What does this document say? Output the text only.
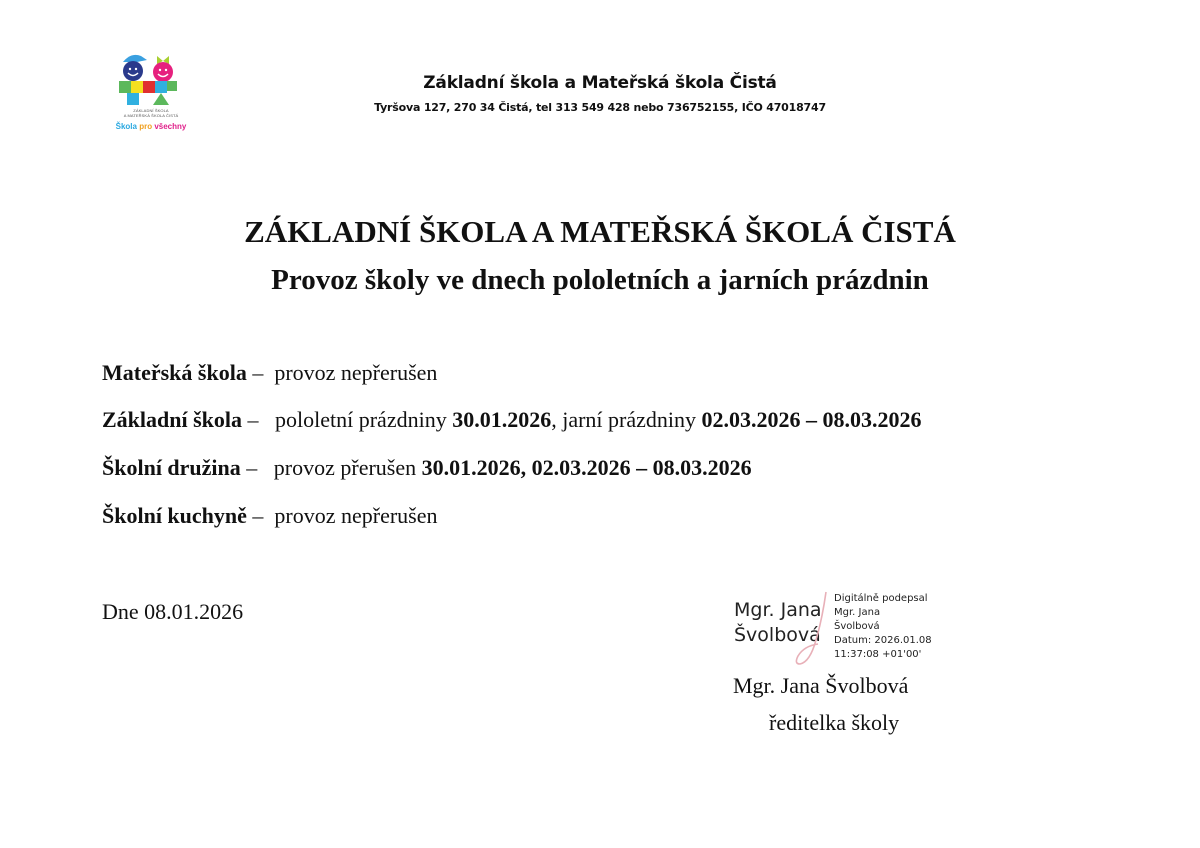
ZÁKLADNÍ ŠKOLA
A MATEŘSKÁ ŠKOLA ČISTÁ
Škola pro všechny
Základní škola a Mateřská škola Čistá
Tyršova 127, 270 34 Čistá, tel 313 549 428 nebo 736752155, IČO 47018747
ZÁKLADNÍ ŠKOLA A MATEŘSKÁ ŠKOLÁ ČISTÁ
Provoz školy ve dnech pololetních a jarních prázdnin
Mateřská škola –  provoz nepřerušen
Základní škola –   pololetní prázdniny 30.01.2026, jarní prázdniny 02.03.2026 – 08.03.2026
Školní družina –   provoz přerušen 30.01.2026, 02.03.2026 – 08.03.2026
Školní kuchyně –  provoz nepřerušen
Dne 08.01.2026	Mgr. Jana
Švolbová
Digitálně podepsal
Mgr. Jana
Švolbová
Datum: 2026.01.08
11:37:08 +01'00'
Mgr. Jana Švolbová
ředitelka školy
